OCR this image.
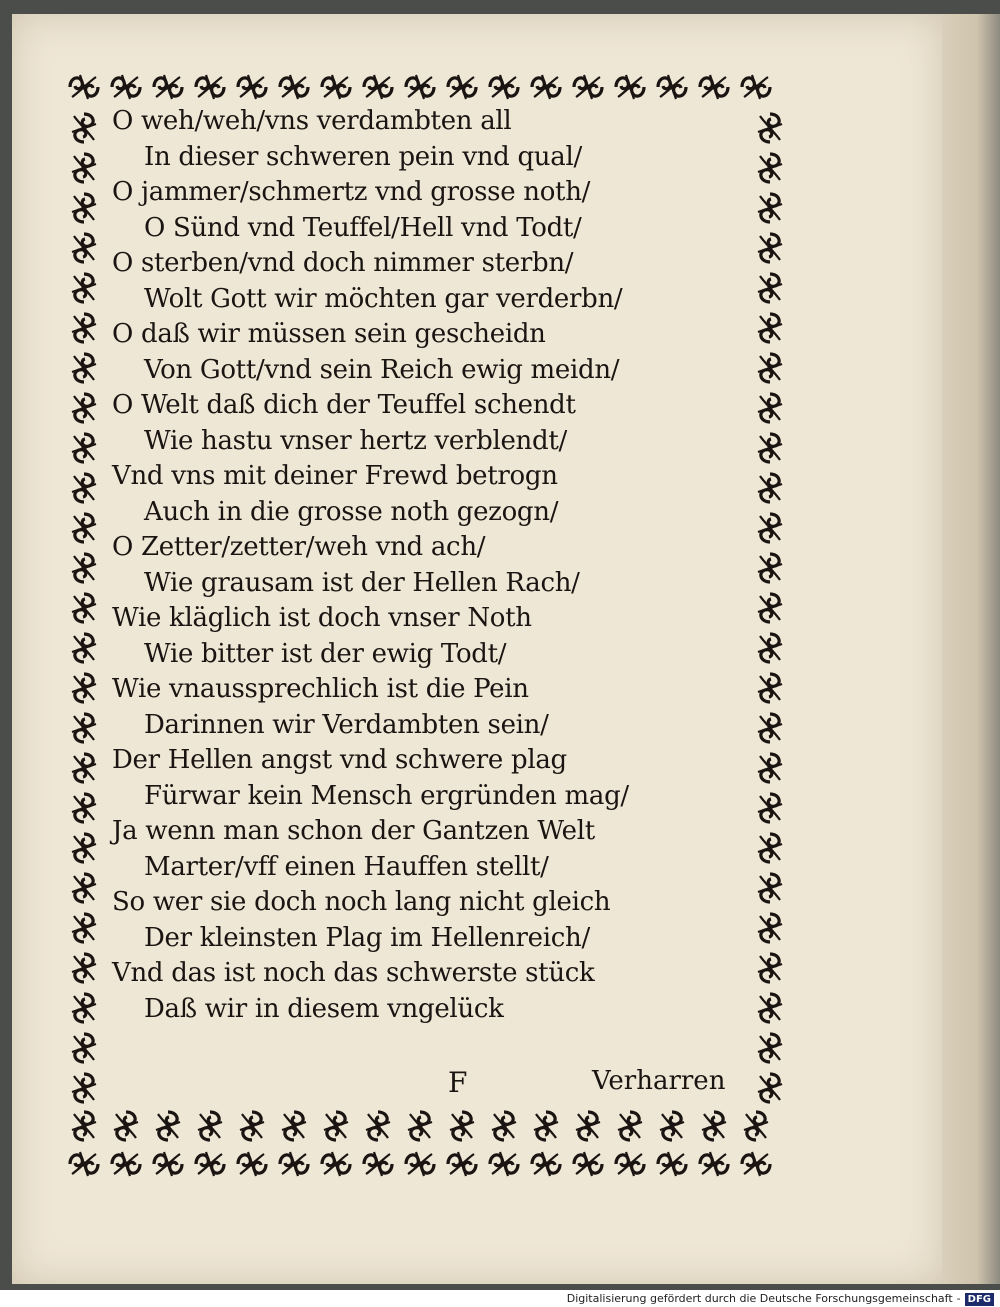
O weh/weh/vns verdambten all
In dieser schweren pein vnd qual/
O jammer/schmertz vnd grosse noth/
O Sünd vnd Teuffel/Hell vnd Todt/
O sterben/vnd doch nimmer sterbn/
Wolt Gott wir möchten gar verderbn/
O daß wir müssen sein gescheidn
Von Gott/vnd sein Reich ewig meidn/
O Welt daß dich der Teuffel schendt
Wie hastu vnser hertz verblendt/
Vnd vns mit deiner Frewd betrogn
Auch in die grosse noth gezogn/
O Zetter/zetter/weh vnd ach/
Wie grausam ist der Hellen Rach/
Wie kläglich ist doch vnser Noth
Wie bitter ist der ewig Todt/
Wie vnaussprechlich ist die Pein
Darinnen wir Verdambten sein/
Der Hellen angst vnd schwere plag
Fürwar kein Mensch ergründen mag/
Ja wenn man schon der Gantzen Welt
Marter/vff einen Hauffen stellt/
So wer sie doch noch lang nicht gleich
Der kleinsten Plag im Hellenreich/
Vnd das ist noch das schwerste stück
Daß wir in diesem vngelück
F	Verharren
Digitalisierung gefördert durch die Deutsche Forschungsgemeinschaft - DFG
